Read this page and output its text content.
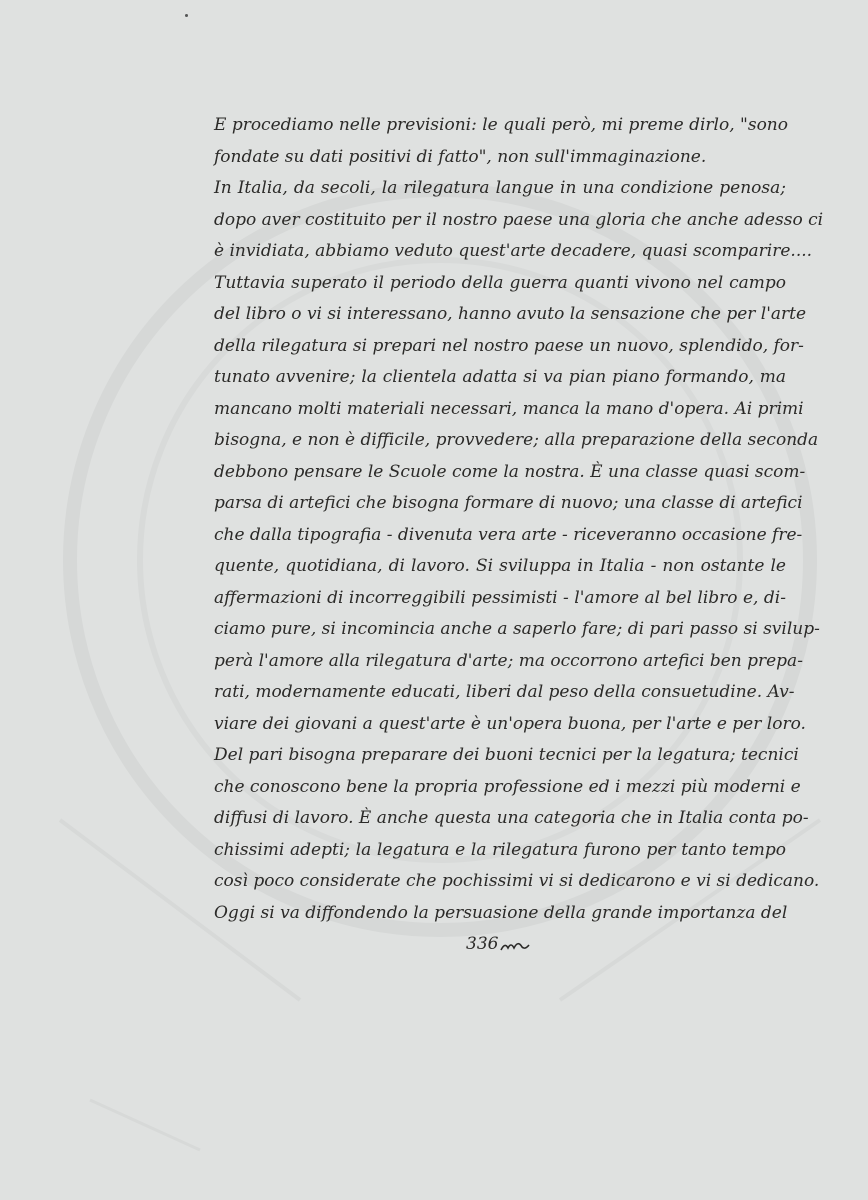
E procediamo nelle previsioni: le quali però, mi preme dirlo, "sono
fondate su dati positivi di fatto", non sull'immaginazione.
In Italia, da secoli, la rilegatura langue in una condizione penosa;
dopo aver costituito per il nostro paese una gloria che anche adesso ci
è invidiata, abbiamo veduto quest'arte decadere, quasi scomparire....
Tuttavia superato il periodo della guerra quanti vivono nel campo
del libro o vi si interessano, hanno avuto la sensazione che per l'arte
della rilegatura si prepari nel nostro paese un nuovo, splendido, for-
tunato avvenire; la clientela adatta si va pian piano formando, ma
mancano molti materiali necessari, manca la mano d'opera. Ai primi
bisogna, e non è difficile, provvedere; alla preparazione della seconda
debbono pensare le Scuole come la nostra. È una classe quasi scom-
parsa di artefici che bisogna formare di nuovo; una classe di artefici
che dalla tipografia - divenuta vera arte - riceveranno occasione fre-
quente, quotidiana, di lavoro. Si sviluppa in Italia - non ostante le
affermazioni di incorreggibili pessimisti - l'amore al bel libro e, di-
ciamo pure, si incomincia anche a saperlo fare; di pari passo si svilup-
perà l'amore alla rilegatura d'arte; ma occorrono artefici ben prepa-
rati, modernamente educati, liberi dal peso della consuetudine. Av-
viare dei giovani a quest'arte è un'opera buona, per l'arte e per loro.
Del pari bisogna preparare dei buoni tecnici per la legatura; tecnici
che conoscono bene la propria professione ed i mezzi più moderni e
diffusi di lavoro. È anche questa una categoria che in Italia conta po-
chissimi adepti; la legatura e la rilegatura furono per tanto tempo
così poco considerate che pochissimi vi si dedicarono e vi si dedicano.
Oggi si va diffondendo la persuasione della grande importanza del
336
